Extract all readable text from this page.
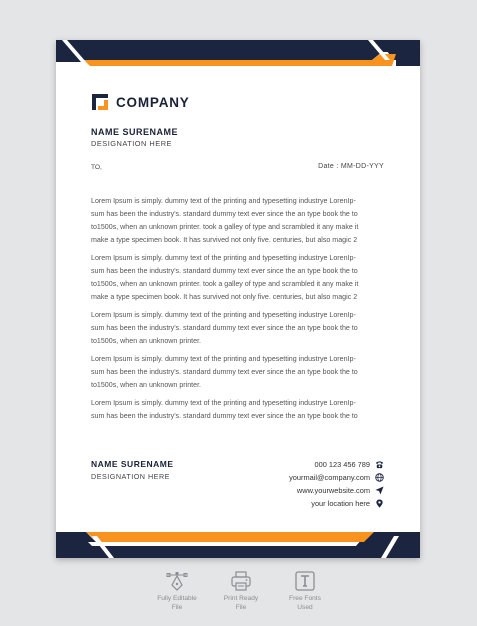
COMPANY
NAME SURENAME
DESIGNATION HERE
TO,	Date : MM-DD-YYY
Lorem Ipsum is simply. dummy text of the printing and typesetting industrye LorenIp-
sum has been the industry's. standard dummy text ever since the an type book the to
to1500s, when an unknown printer. took a galley of type and scrambled it any make it
make a type specimen book. It has survived not only five. centuries, but also magic 2
Lorem Ipsum is simply. dummy text of the printing and typesetting industrye LorenIp-
sum has been the industry's. standard dummy text ever since the an type book the to
to1500s, when an unknown printer. took a galley of type and scrambled it any make it
make a type specimen book. It has survived not only five. centuries, but also magic 2
Lorem Ipsum is simply. dummy text of the printing and typesetting industrye LorenIp-
sum has been the industry's. standard dummy text ever since the an type book the to
to1500s, when an unknown printer.
Lorem Ipsum is simply. dummy text of the printing and typesetting industrye LorenIp-
sum has been the industry's. standard dummy text ever since the an type book the to
to1500s, when an unknown printer.
Lorem Ipsum is simply. dummy text of the printing and typesetting industrye LorenIp-
sum has been the industry's. standard dummy text ever since the an type book the to
NAME SURENAME
DESIGNATION HERE
000 123 456 789
yourmail@company.com
www.yourwebsite.com
your location here
Fully Editable
File
Print Ready
File
Free Fonts
Used
